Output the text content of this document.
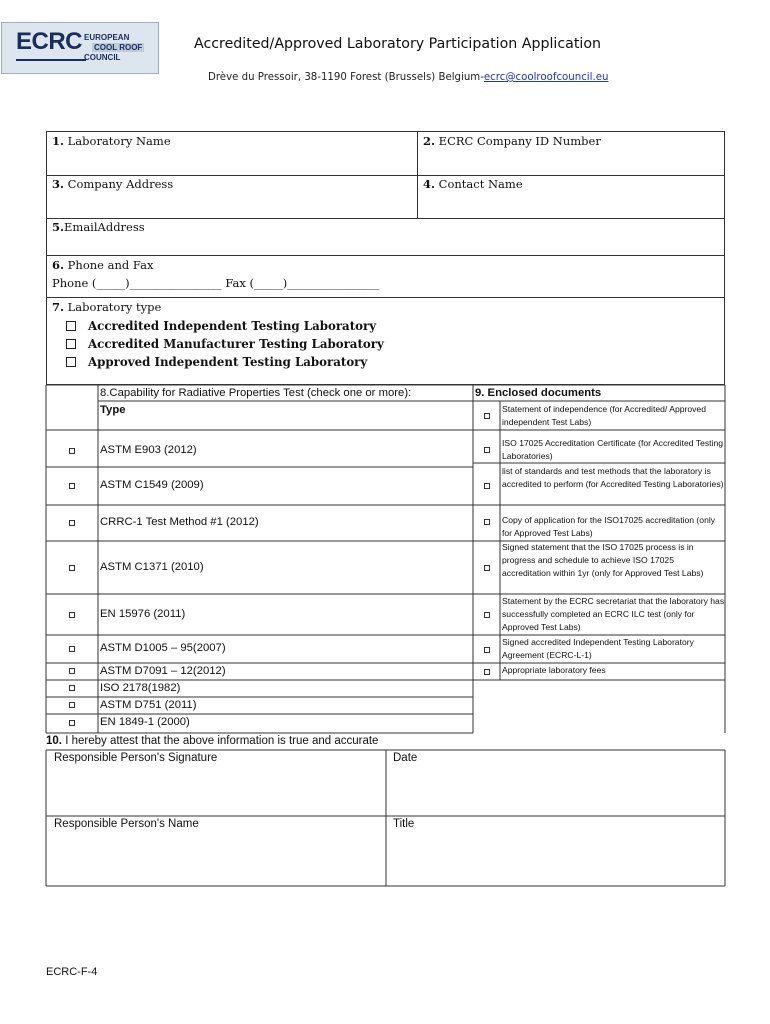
ECRC EUROPEAN
COOL ROOF
COUNCIL
Accredited/Approved Laboratory Participation Application
Drève du Pressoir, 38-1190 Forest (Brussels) Belgium-ecrc@coolroofcouncil.eu
1. Laboratory Name	2. ECRC Company ID Number
3. Company Address	4. Contact Name
5.EmailAddress
6. Phone and Fax
Phone (_____)________________ Fax (_____)________________
7. Laboratory type
Accredited Independent Testing Laboratory
Accredited Manufacturer Testing Laboratory
Approved Independent Testing Laboratory
8.Capability for Radiative Properties Test (check one or more):
Type
9. Enclosed documents
ASTM E903 (2012)
ASTM C1549 (2009)
CRRC-1 Test Method #1 (2012)
ASTM C1371 (2010)
EN 15976 (2011)
ASTM D1005 – 95(2007)
ASTM D7091 – 12(2012)
ISO 2178(1982)
ASTM D751 (2011)
EN 1849-1 (2000)
Statement of independence (for Accredited/ Approved independent Test Labs)
ISO 17025 Accreditation Certificate (for Accredited Testing Laboratories)
list of standards and test methods that the laboratory is accredited to perform (for Accredited Testing Laboratories)
Copy of application for the ISO17025 accreditation (only for Approved Test Labs)
Signed statement that the ISO 17025 process is in progress and schedule to achieve ISO 17025 accreditation within 1yr (only for Approved Test Labs)
Statement by the ECRC secretariat that the laboratory has successfully completed an ECRC ILC test (only for Approved Test Labs)
Signed accredited Independent Testing Laboratory Agreement (ECRC-L-1)
Appropriate laboratory fees
10. I hereby attest that the above information is true and accurate
Responsible Person's Signature	Date
Responsible Person's Name	Title
ECRC-F-4
